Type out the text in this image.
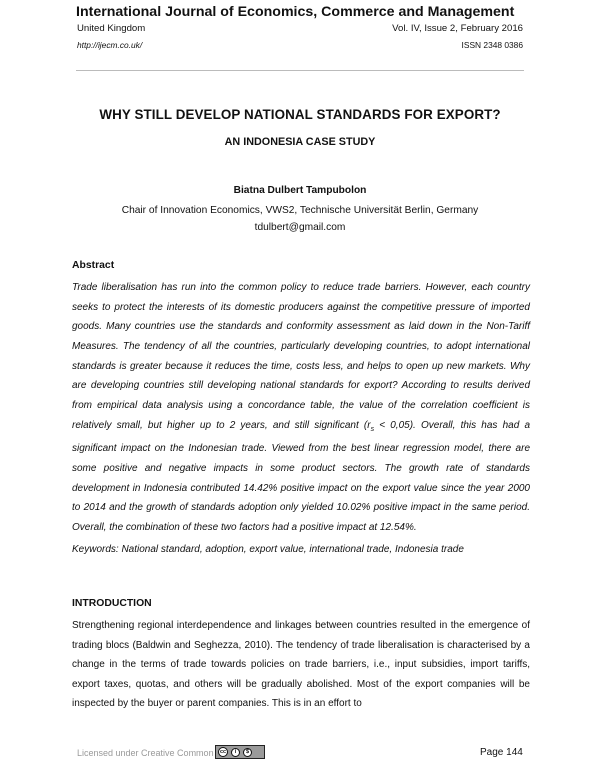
International Journal of Economics, Commerce and Management
United Kingdom	Vol. IV, Issue 2, February 2016
http://ijecm.co.uk/	ISSN 2348 0386
WHY STILL DEVELOP NATIONAL STANDARDS FOR EXPORT?
AN INDONESIA CASE STUDY
Biatna Dulbert Tampubolon
Chair of Innovation Economics, VWS2, Technische Universität Berlin, Germany
tdulbert@gmail.com
Abstract
Trade liberalisation has run into the common policy to reduce trade barriers. However, each country seeks to protect the interests of its domestic producers against the competitive pressure of imported goods. Many countries use the standards and conformity assessment as laid down in the Non-Tariff Measures. The tendency of all the countries, particularly developing countries, to adopt international standards is greater because it reduces the time, costs less, and helps to open up new markets. Why are developing countries still developing national standards for export? According to results derived from empirical data analysis using a concordance table, the value of the correlation coefficient is relatively small, but higher up to 2 years, and still significant $(r_s < 0,05)$. Overall, this has had a significant impact on the Indonesian trade. Viewed from the best linear regression model, there are some positive and negative impacts in some product sectors. The growth rate of standards development in Indonesia contributed 14.42% positive impact on the export value since the year 2000 to 2014 and the growth of standards adoption only yielded 10.02% positive impact in the same period. Overall, the combination of these two factors had a positive impact at 12.54%.
Keywords: National standard, adoption, export value, international trade, Indonesia trade
INTRODUCTION
Strengthening regional interdependence and linkages between countries resulted in the emergence of trading blocs (Baldwin and Seghezza, 2010). The tendency of trade liberalisation is characterised by a change in the terms of trade towards policies on trade barriers, i.e., input subsidies, import tariffs, export taxes, quotas, and others will be gradually abolished. Most of the export companies will be inspected by the buyer or parent companies. This is in an effort to
Licensed under Creative Common	cc	i	$	Page 144
